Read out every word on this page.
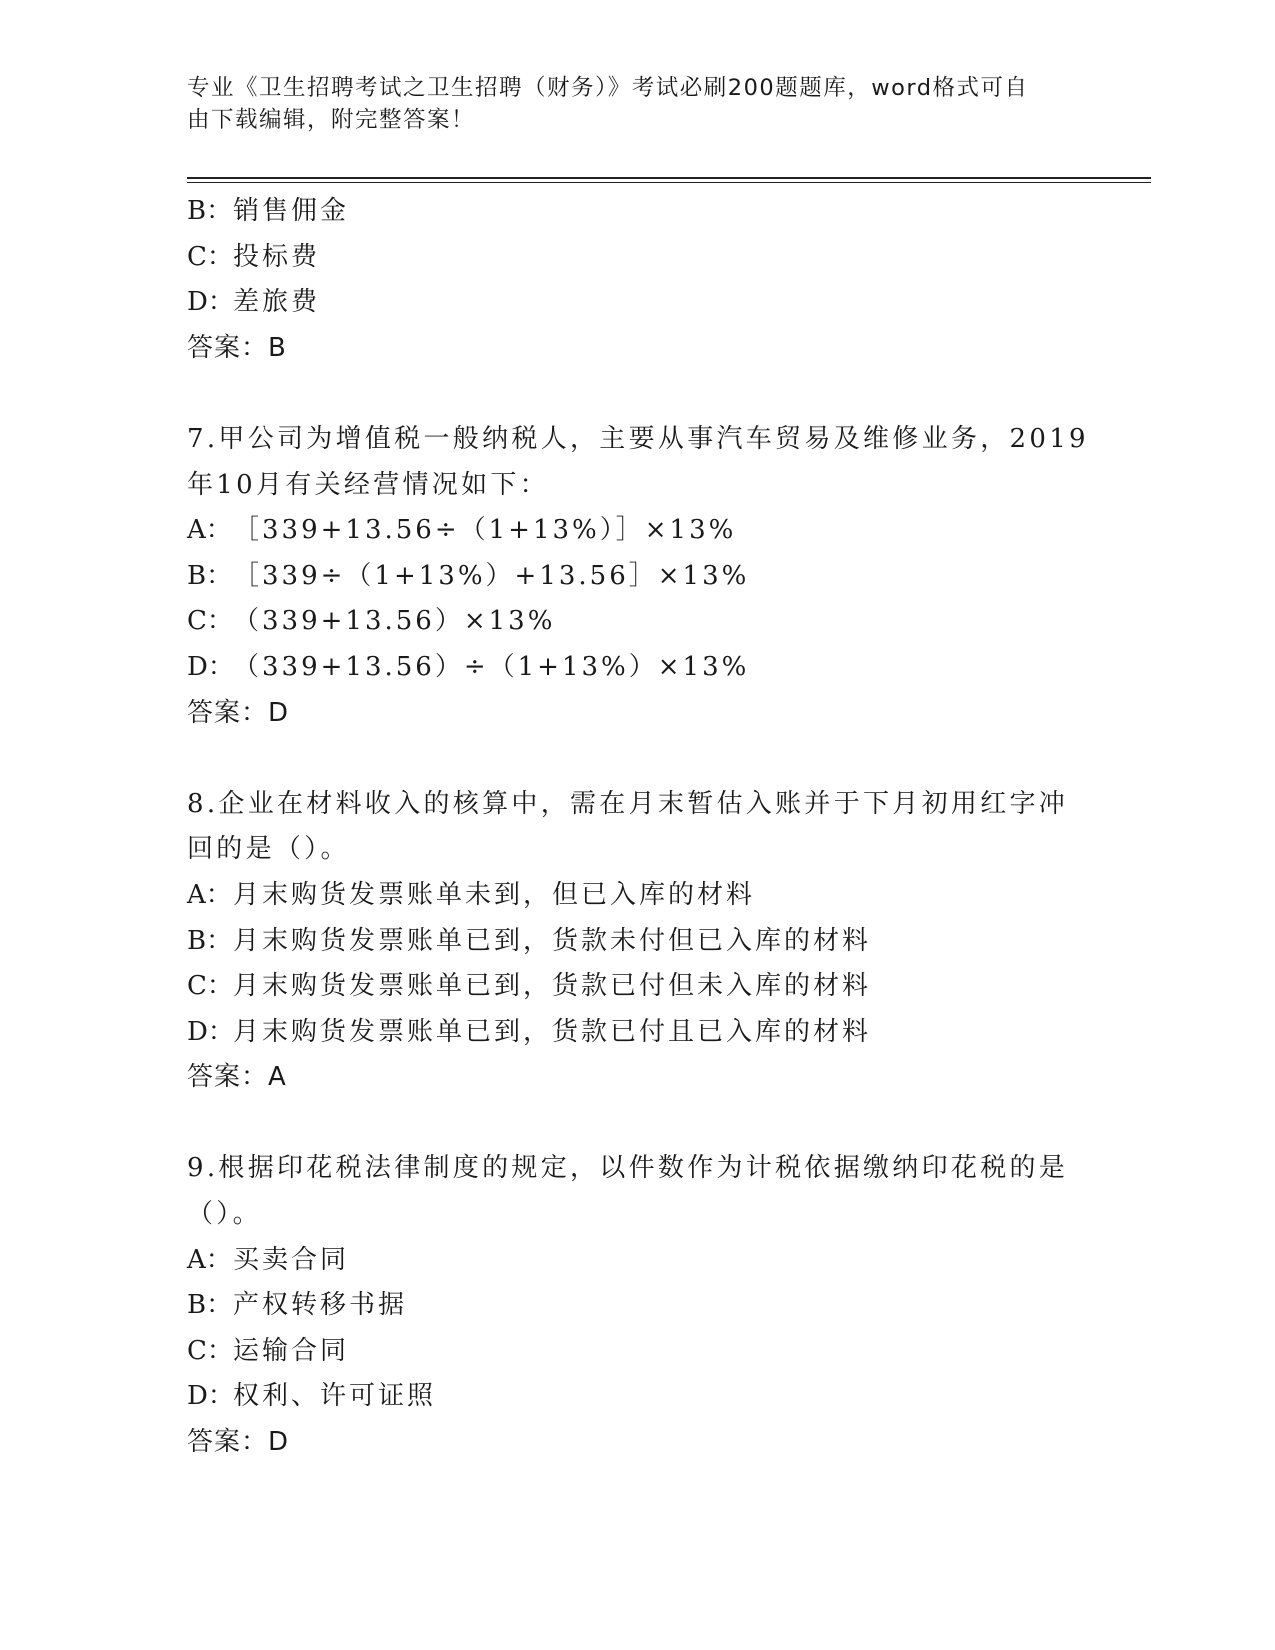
专业《卫生招聘考试之卫生招聘（财务）》考试必刷200题题库，word格式可自
由下载编辑，附完整答案！
B：销售佣金
C：投标费
D：差旅费
答案：B
7.甲公司为增值税一般纳税人，主要从事汽车贸易及维修业务，2019
年10月有关经营情况如下：
A：［339+13.56÷（1+13%）］×13%
B：［339÷（1+13%）+13.56］×13%
C：（339+13.56）×13%
D：（339+13.56）÷（1+13%）×13%
答案：D
8.企业在材料收入的核算中，需在月末暂估入账并于下月初用红字冲
回的是（）。
A：月末购货发票账单未到，但已入库的材料
B：月末购货发票账单已到，货款未付但已入库的材料
C：月末购货发票账单已到，货款已付但未入库的材料
D：月末购货发票账单已到，货款已付且已入库的材料
答案：A
9.根据印花税法律制度的规定，以件数作为计税依据缴纳印花税的是
（）。
A：买卖合同
B：产权转移书据
C：运输合同
D：权利、许可证照
答案：D
